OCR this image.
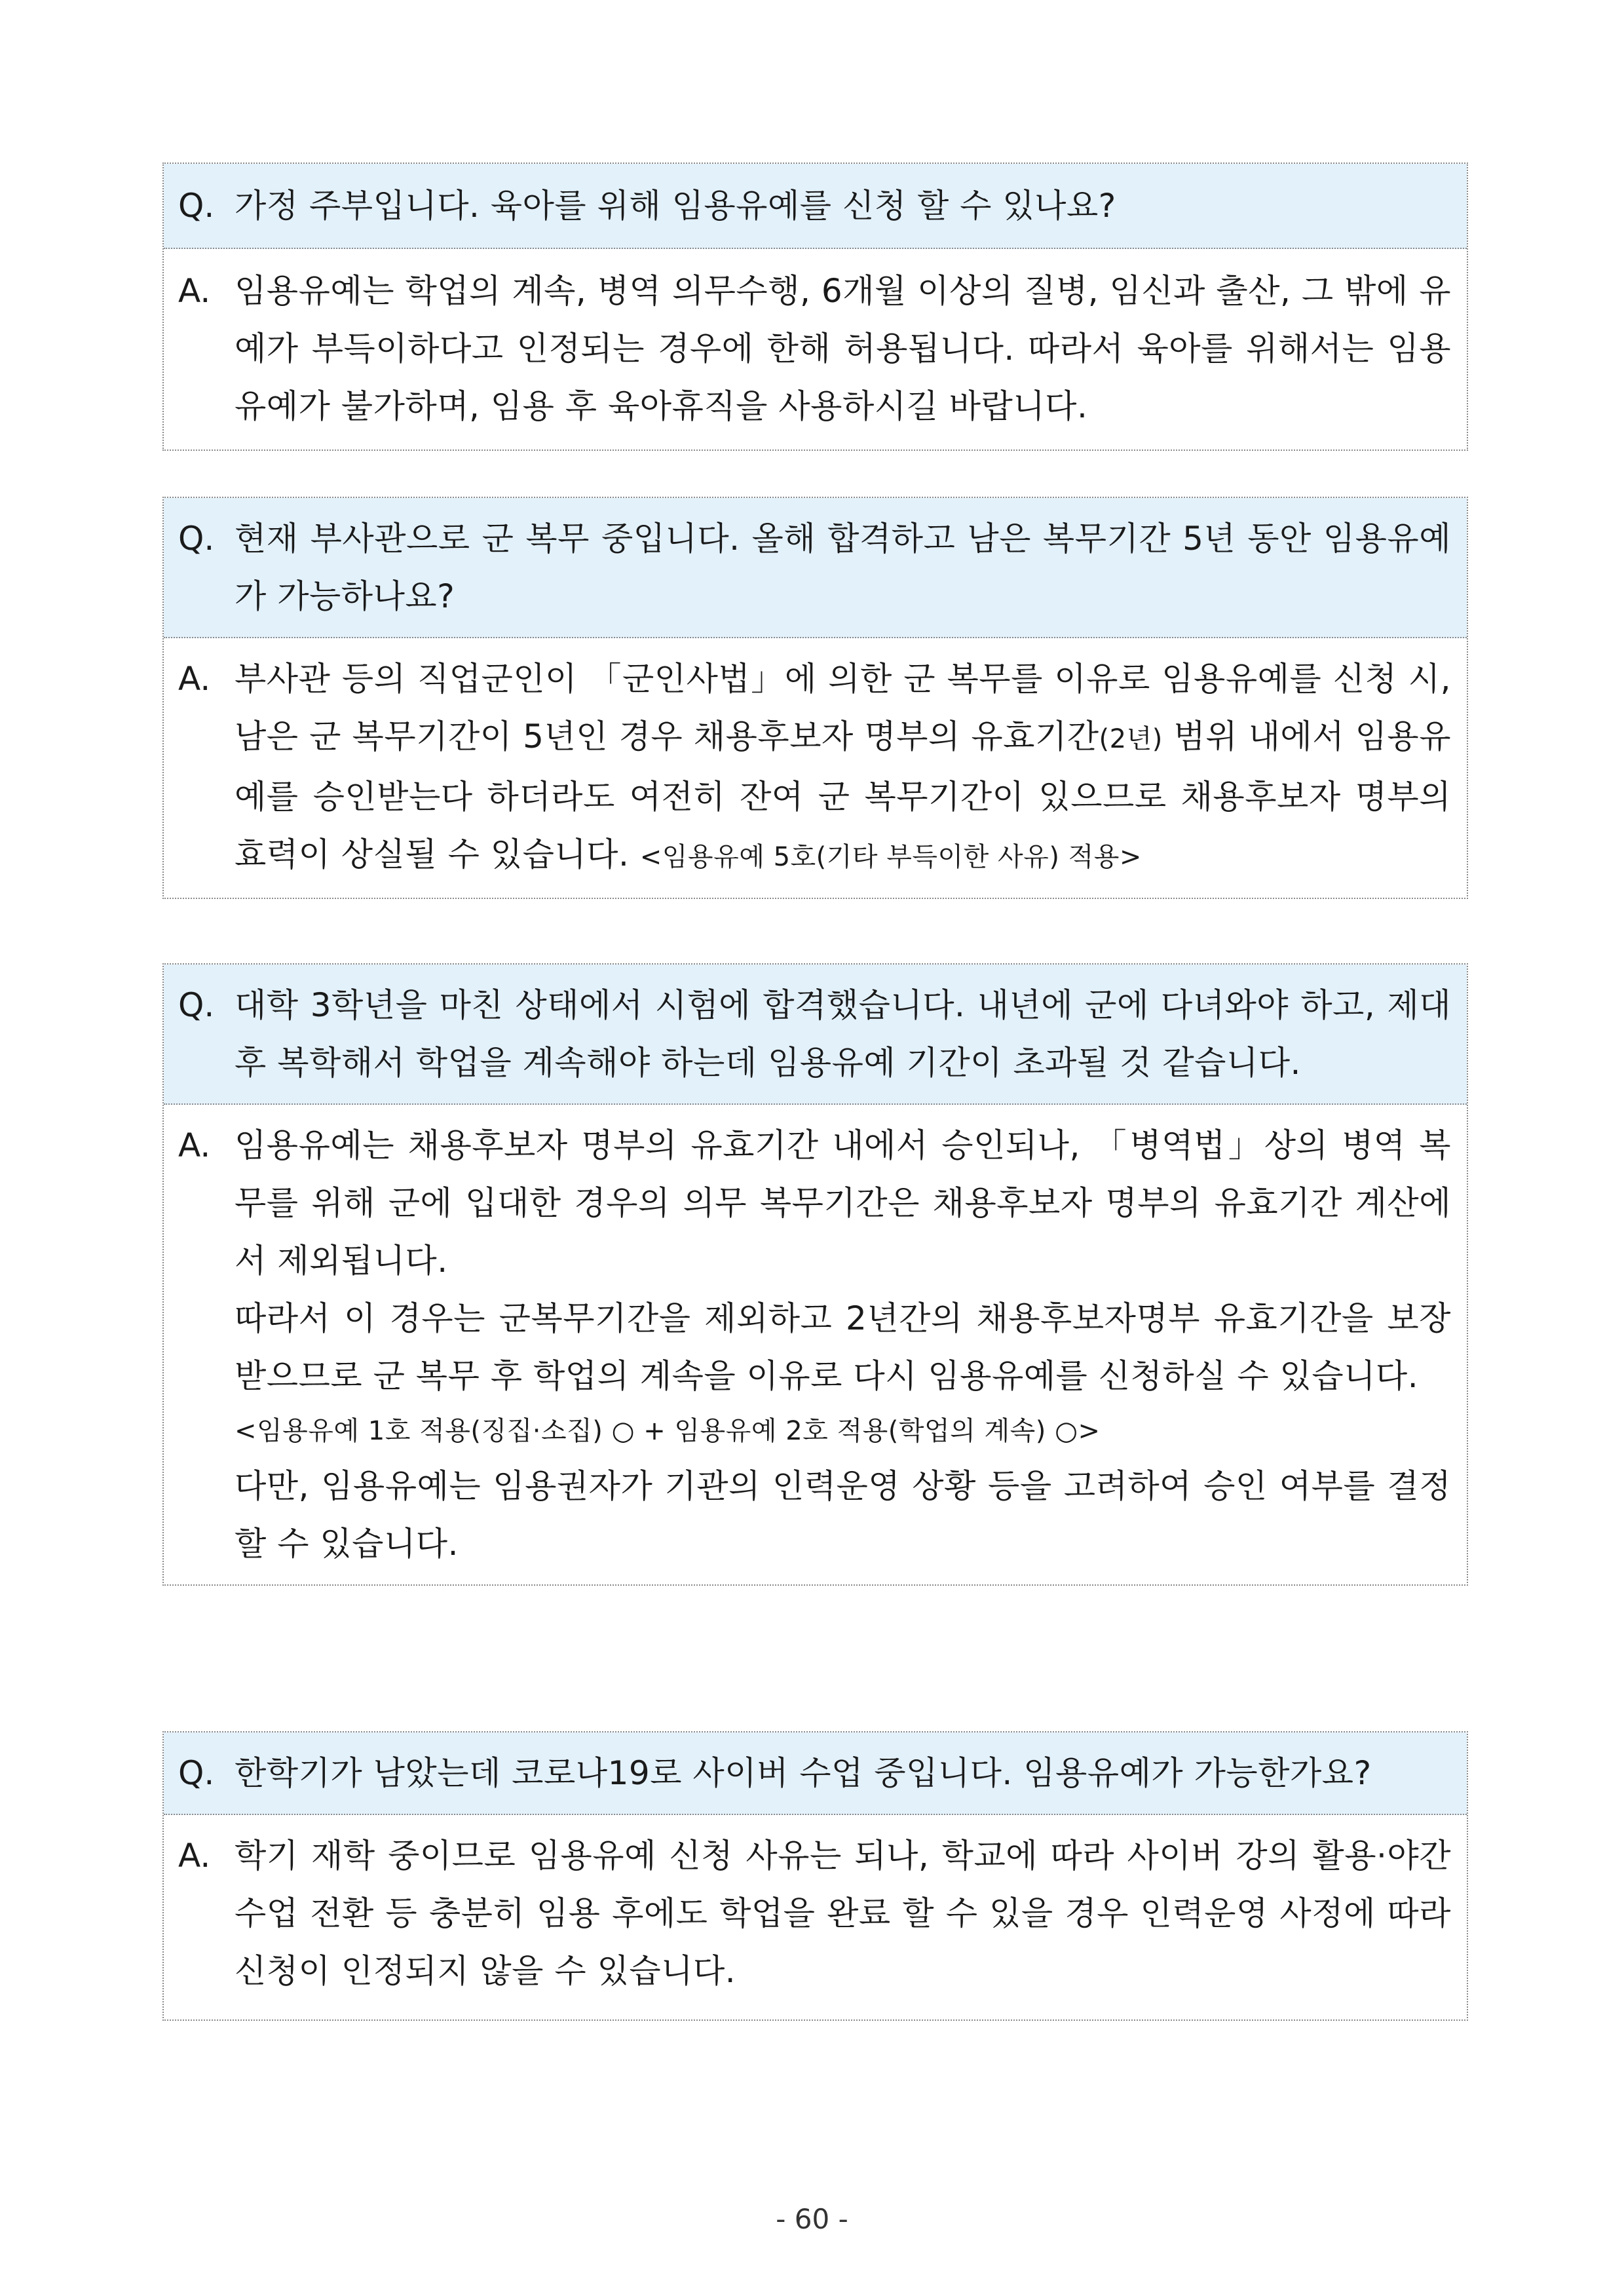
Q. 가정 주부입니다. 육아를 위해 임용유예를 신청 할 수 있나요?
A. 임용유예는 학업의 계속, 병역 의무수행, 6개월 이상의 질병, 임신과 출산, 그 밖에 유예가 부득이하다고 인정되는 경우에 한해 허용됩니다. 따라서 육아를 위해서는 임용유예가 불가하며, 임용 후 육아휴직을 사용하시길 바랍니다.
Q. 현재 부사관으로 군 복무 중입니다. 올해 합격하고 남은 복무기간 5년 동안 임용유예가 가능하나요?
A. 부사관 등의 직업군인이 「군인사법」에 의한 군 복무를 이유로 임용유예를 신청 시, 남은 군 복무기간이 5년인 경우 채용후보자 명부의 유효기간(2년) 범위 내에서 임용유예를 승인받는다 하더라도 여전히 잔여 군 복무기간이 있으므로 채용후보자 명부의 효력이 상실될 수 있습니다. <임용유예 5호(기타 부득이한 사유) 적용>
Q. 대학 3학년을 마친 상태에서 시험에 합격했습니다. 내년에 군에 다녀와야 하고, 제대 후 복학해서 학업을 계속해야 하는데 임용유예 기간이 초과될 것 같습니다.
A. 임용유예는 채용후보자 명부의 유효기간 내에서 승인되나, 「병역법」상의 병역 복무를 위해 군에 입대한 경우의 의무 복무기간은 채용후보자 명부의 유효기간 계산에서 제외됩니다.

따라서 이 경우는 군복무기간을 제외하고 2년간의 채용후보자명부 유효기간을 보장받으므로 군 복무 후 학업의 계속을 이유로 다시 임용유예를 신청하실 수 있습니다.

<임용유예 1호 적용(징집·소집) ○ + 임용유예 2호 적용(학업의 계속) ○>

다만, 임용유예는 임용권자가 기관의 인력운영 상황 등을 고려하여 승인 여부를 결정할 수 있습니다.

Q. 한학기가 남았는데 코로나19로 사이버 수업 중입니다. 임용유예가 가능한가요?
A. 학기 재학 중이므로 임용유예 신청 사유는 되나, 학교에 따라 사이버 강의 활용·야간수업 전환 등 충분히 임용 후에도 학업을 완료 할 수 있을 경우 인력운영 사정에 따라 신청이 인정되지 않을 수 있습니다.
- 60 -
